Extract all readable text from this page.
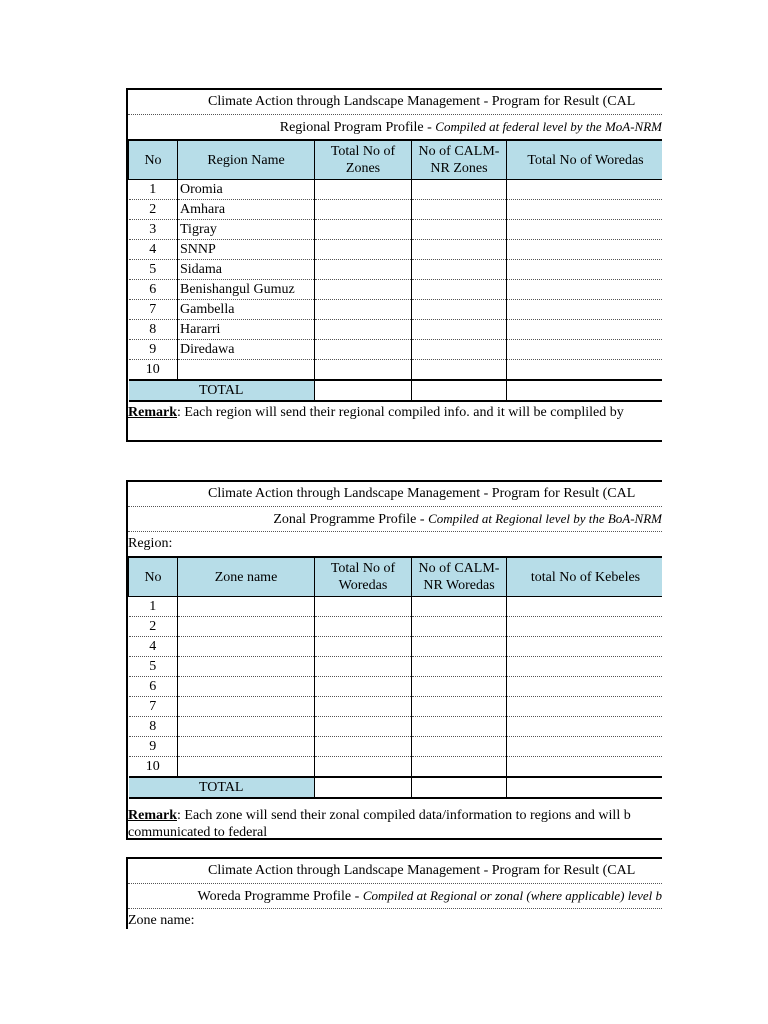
Climate Action through Landscape Management - Program for Result (CAL
Regional Program Profile - Compiled at federal level by the MoA-NRM
No	Region Name	Total No of Zones	No of CALM-NR Zones	Total No of Woredas
1	Oromia			
2	Amhara			
3	Tigray			
4	SNNP			
5	Sidama			
6	Benishangul Gumuz			
7	Gambella			
8	Hararri			
9	Diredawa			
10				
TOTAL				
Remark: Each region will send their regional compiled info. and it will be compliled by
Climate Action through Landscape Management - Program for Result (CAL
Zonal Programme Profile - Compiled at Regional level by the BoA-NRM
Region:
No	Zone name	Total No of Woredas	No of CALM-NR Woredas	total No of Kebeles
1				
2				
4				
5				
6				
7				
8				
9				
10				
TOTAL				
Remark: Each zone will send their zonal compiled data/information to regions and will b
communicated to federal
Climate Action through Landscape Management - Program for Result (CAL
Woreda Programme Profile - Compiled at Regional or zonal (where applicable) level b
Zone name:
